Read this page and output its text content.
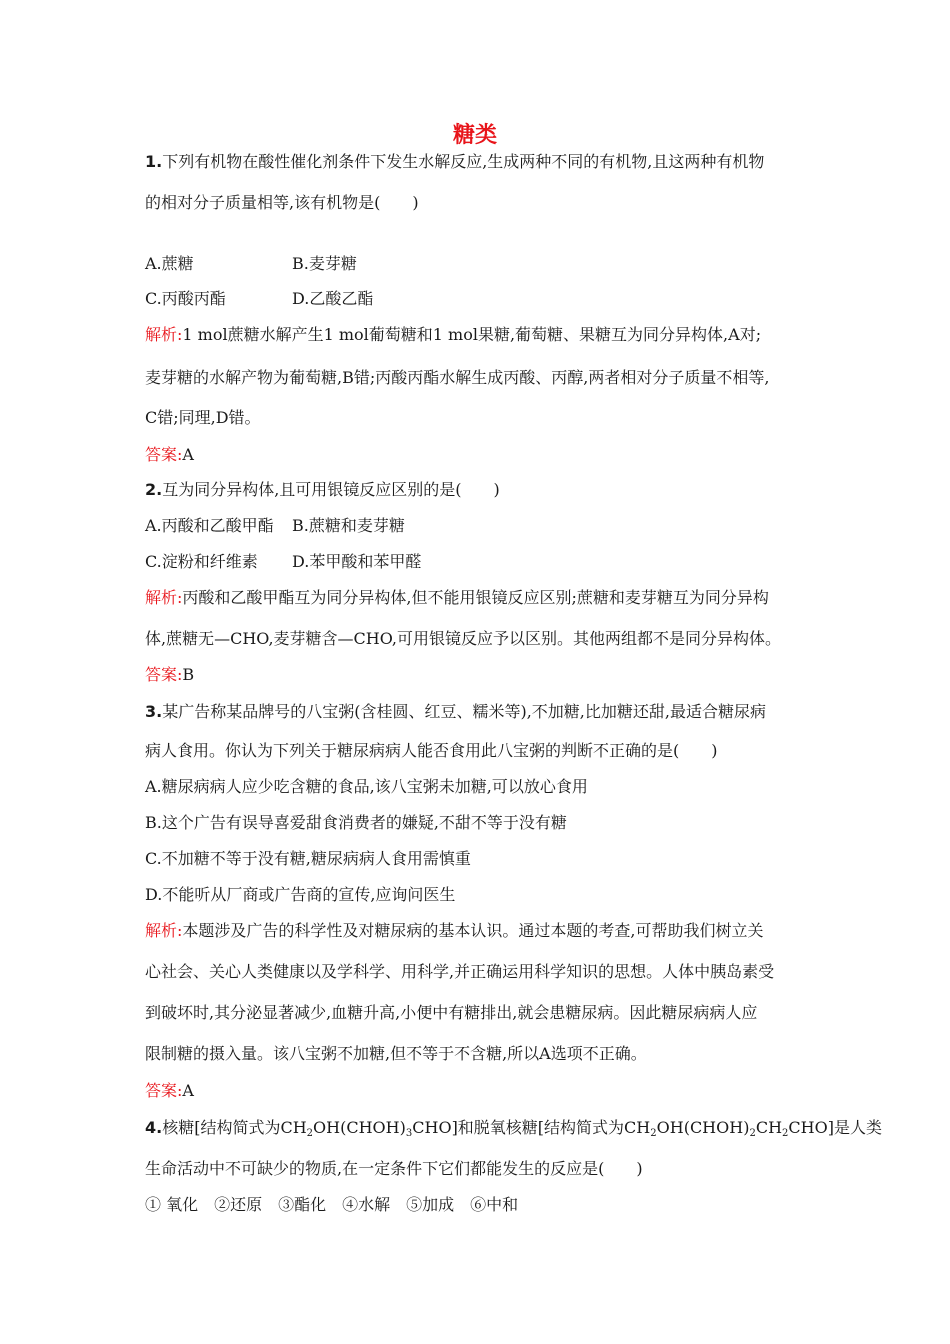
糖类
1.下列有机物在酸性催化剂条件下发生水解反应,生成两种不同的有机物,且这两种有机物
的相对分子质量相等,该有机物是(　　)
A.蔗糖	B.麦芽糖
C.丙酸丙酯	D.乙酸乙酯
解析:1 mol蔗糖水解产生1 mol葡萄糖和1 mol果糖,葡萄糖、果糖互为同分异构体,A对;
麦芽糖的水解产物为葡萄糖,B错;丙酸丙酯水解生成丙酸、丙醇,两者相对分子质量不相等,
C错;同理,D错。
答案:A
2.互为同分异构体,且可用银镜反应区别的是(　　)
A.丙酸和乙酸甲酯 B.蔗糖和麦芽糖
C.淀粉和纤维素 D.苯甲酸和苯甲醛
解析:丙酸和乙酸甲酯互为同分异构体,但不能用银镜反应区别;蔗糖和麦芽糖互为同分异构
体,蔗糖无—CHO,麦芽糖含—CHO,可用银镜反应予以区别。其他两组都不是同分异构体。
答案:B
3.某广告称某品牌号的八宝粥(含桂圆、红豆、糯米等),不加糖,比加糖还甜,最适合糖尿病
病人食用。你认为下列关于糖尿病病人能否食用此八宝粥的判断不正确的是(　　)
A.糖尿病病人应少吃含糖的食品,该八宝粥未加糖,可以放心食用
B.这个广告有误导喜爱甜食消费者的嫌疑,不甜不等于没有糖
C.不加糖不等于没有糖,糖尿病病人食用需慎重
D.不能听从厂商或广告商的宣传,应询问医生
解析:本题涉及广告的科学性及对糖尿病的基本认识。通过本题的考查,可帮助我们树立关
心社会、关心人类健康以及学科学、用科学,并正确运用科学知识的思想。人体中胰岛素受
到破坏时,其分泌显著减少,血糖升高,小便中有糖排出,就会患糖尿病。因此糖尿病病人应
限制糖的摄入量。该八宝粥不加糖,但不等于不含糖,所以A选项不正确。
答案:A
4.核糖[结构简式为$CH_2OH(CHOH)_3CHO$]和脱氧核糖[结构简式为$CH_2OH(CHOH)_2CH_2CHO$]是人类
生命活动中不可缺少的物质,在一定条件下它们都能发生的反应是(　　)
① 氧化　②还原　③酯化　④水解　⑤加成　⑥中和
